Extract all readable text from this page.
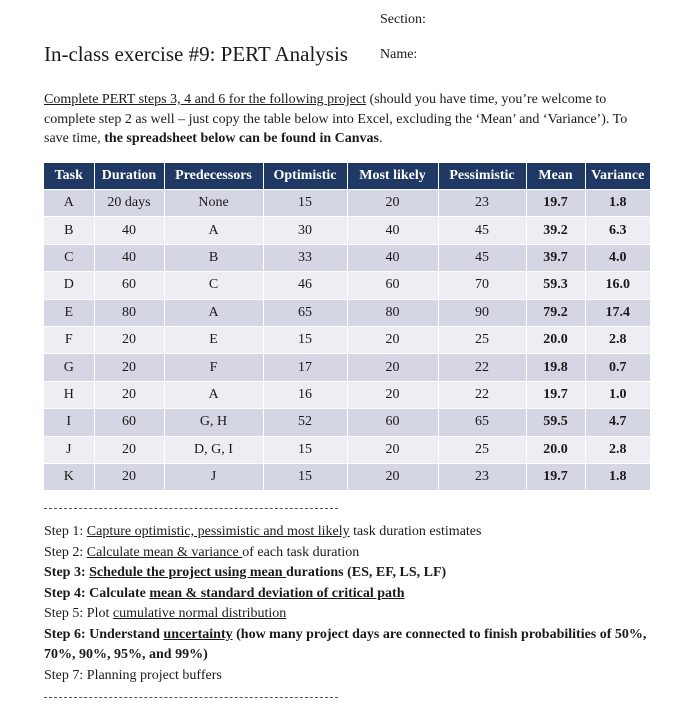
Section:
In-class exercise #9: PERT Analysis Name:
Complete PERT steps 3, 4 and 6 for the following project (should you have time, you’re welcome to complete step 2 as well – just copy the table below into Excel, excluding the ‘Mean’ and ‘Variance’). To save time, the spreadsheet below can be found in Canvas.
Task	Duration	Predecessors	Optimistic	Most likely	Pessimistic	Mean	Variance
A	20 days	None	15	20	23	19.7	1.8
B	40	A	30	40	45	39.2	6.3
C	40	B	33	40	45	39.7	4.0
D	60	C	46	60	70	59.3	16.0
E	80	A	65	80	90	79.2	17.4
F	20	E	15	20	25	20.0	2.8
G	20	F	17	20	22	19.8	0.7
H	20	A	16	20	22	19.7	1.0
I	60	G, H	52	60	65	59.5	4.7
J	20	D, G, I	15	20	25	20.0	2.8
K	20	J	15	20	23	19.7	1.8
Step 1: Capture optimistic, pessimistic and most likely task duration estimates
Step 2: Calculate mean & variance of each task duration
Step 3: Schedule the project using mean durations (ES, EF, LS, LF)
Step 4: Calculate mean & standard deviation of critical path
Step 5: Plot cumulative normal distribution
Step 6: Understand uncertainty (how many project days are connected to finish probabilities of 50%, 70%, 90%, 95%, and 99%)
Step 7: Planning project buffers
